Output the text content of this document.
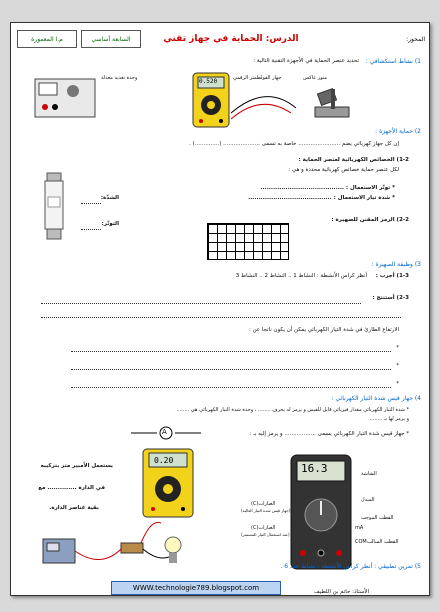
المحور:
الدرس: الحماية في جهاز تقني
السابعة أساسي
م.ا المعمورة
1) نشاط استكشافي :
تحديد عنصر الحماية في الأجهزة التقنية التالية :
متور عاكس
0.520	جهاز الفولطمتر الرقمي
وحدة تغذية معدلة
2) حماية الأجهزة :
إن كل جهاز كهربائي يضم ........................ خاصة به تسمى ..................... (..............) .
1-2) الخصائص الكهربائية لعنصر الحماية :
لكل عنصر حماية خصائص كهربائية محددة و هي :
* توتّر الاستعمال : ........................................
* شدة تيار الاستعمال : ........................................
الشدّة:
التوتّر:
2-2) الرمز المقنن للصهيرة :
3) وظيفة الصهيرة :
1-3) أجرب :
أنظر كراس الأنشطة : النشاط 1 .. النشاط 2 .. النشاط 3
2-3) أستنتج :
الارتفاع الطارئ في شدة التيار الكهربائي يمكن أن يكون ناتجا عن :
*
*
*
4) جهاز قيس شدة التيار الكهربائي :
* شدة التيار الكهربائي مقدار فيزيائي قابل للقيس و يرمز له بحرف ........ ، وحدة شدة التيار الكهربائي هي ........
و يرمز لها بـ ........
* جهاز قيس شدة التيار الكهربائي يسمى .................. و يرمز إليه بـ :
A
0.20
يستعمل الأمبير متر بتركيبه
في الدارة .............. مع
بقية عناصر الدارة.
16.3	الشاشة
العيارات(C)
(جهاز قيس شدة التيار العالية)
المبدل
القطب الموجب
العيارات(C)
(عند استعمال التيار المستمر)
mA
COM القطب السالب
5) تمرين تطبيقي : أنظر كراس الأنشطة ، نشاط عدد 6 .
الأستاذ: حاتم بن اللطيف
WWW.technologie789.blogspot.com
